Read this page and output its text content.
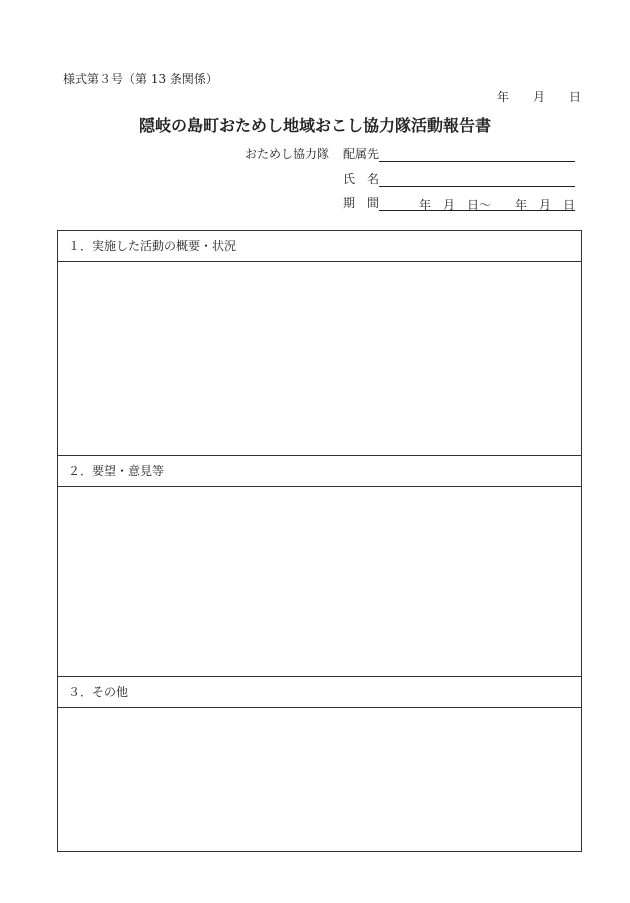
様式第３号（第 13 条関係）
年 月 日
隠岐の島町おためし地域おこし協力隊活動報告書
おためし協力隊 配属先
氏　名
期　間	年　月　日～　　年　月　日
１．実施した活動の概要・状況
２．要望・意見等
３．その他
